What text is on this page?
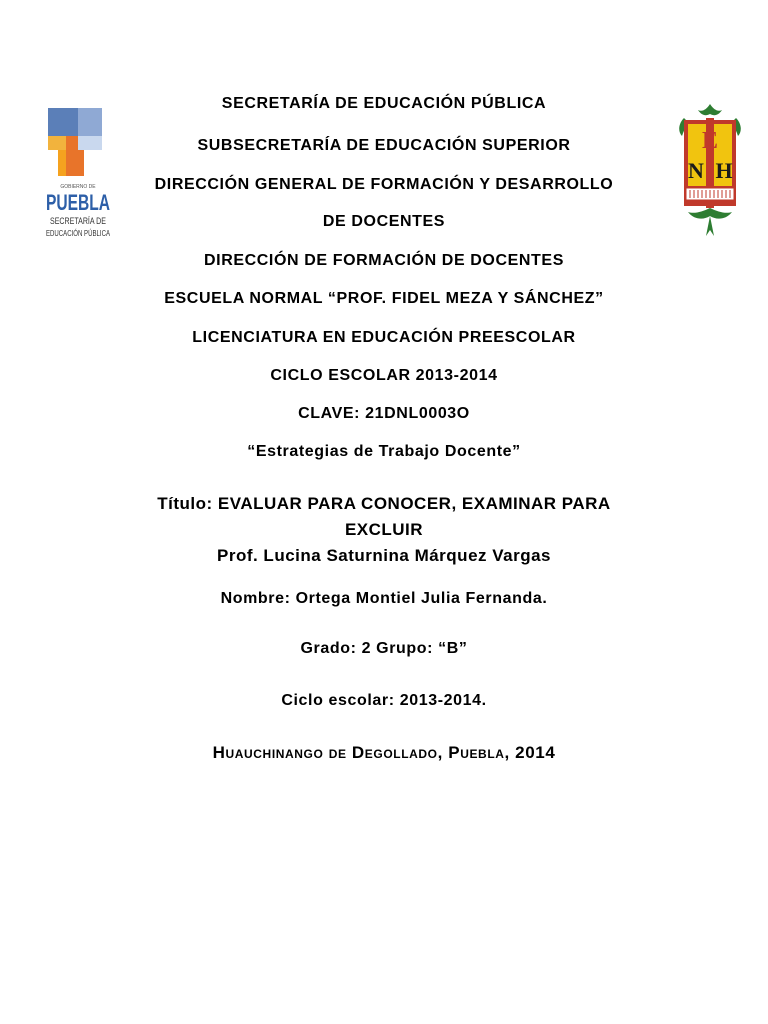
GOBIERNO DE
PUEBLA
SECRETARÍA DE
EDUCACIÓN PÚBLICA
E
N H
SECRETARÍA DE EDUCACIÓN PÚBLICA
SUBSECRETARÍA DE EDUCACIÓN SUPERIOR
DIRECCIÓN GENERAL DE FORMACIÓN Y DESARROLLO
DE DOCENTES
DIRECCIÓN DE FORMACIÓN DE DOCENTES
ESCUELA NORMAL “PROF. FIDEL MEZA Y SÁNCHEZ”
LICENCIATURA EN EDUCACIÓN PREESCOLAR
CICLO ESCOLAR 2013-2014
CLAVE: 21DNL0003O
“Estrategias de Trabajo Docente”
Título: EVALUAR PARA CONOCER, EXAMINAR PARA
EXCLUIR
Prof. Lucina Saturnina Márquez Vargas
Nombre: Ortega Montiel Julia Fernanda.
Grado: 2 Grupo: “B”
Ciclo escolar: 2013-2014.
Huauchinango de Degollado, Puebla, 2014
